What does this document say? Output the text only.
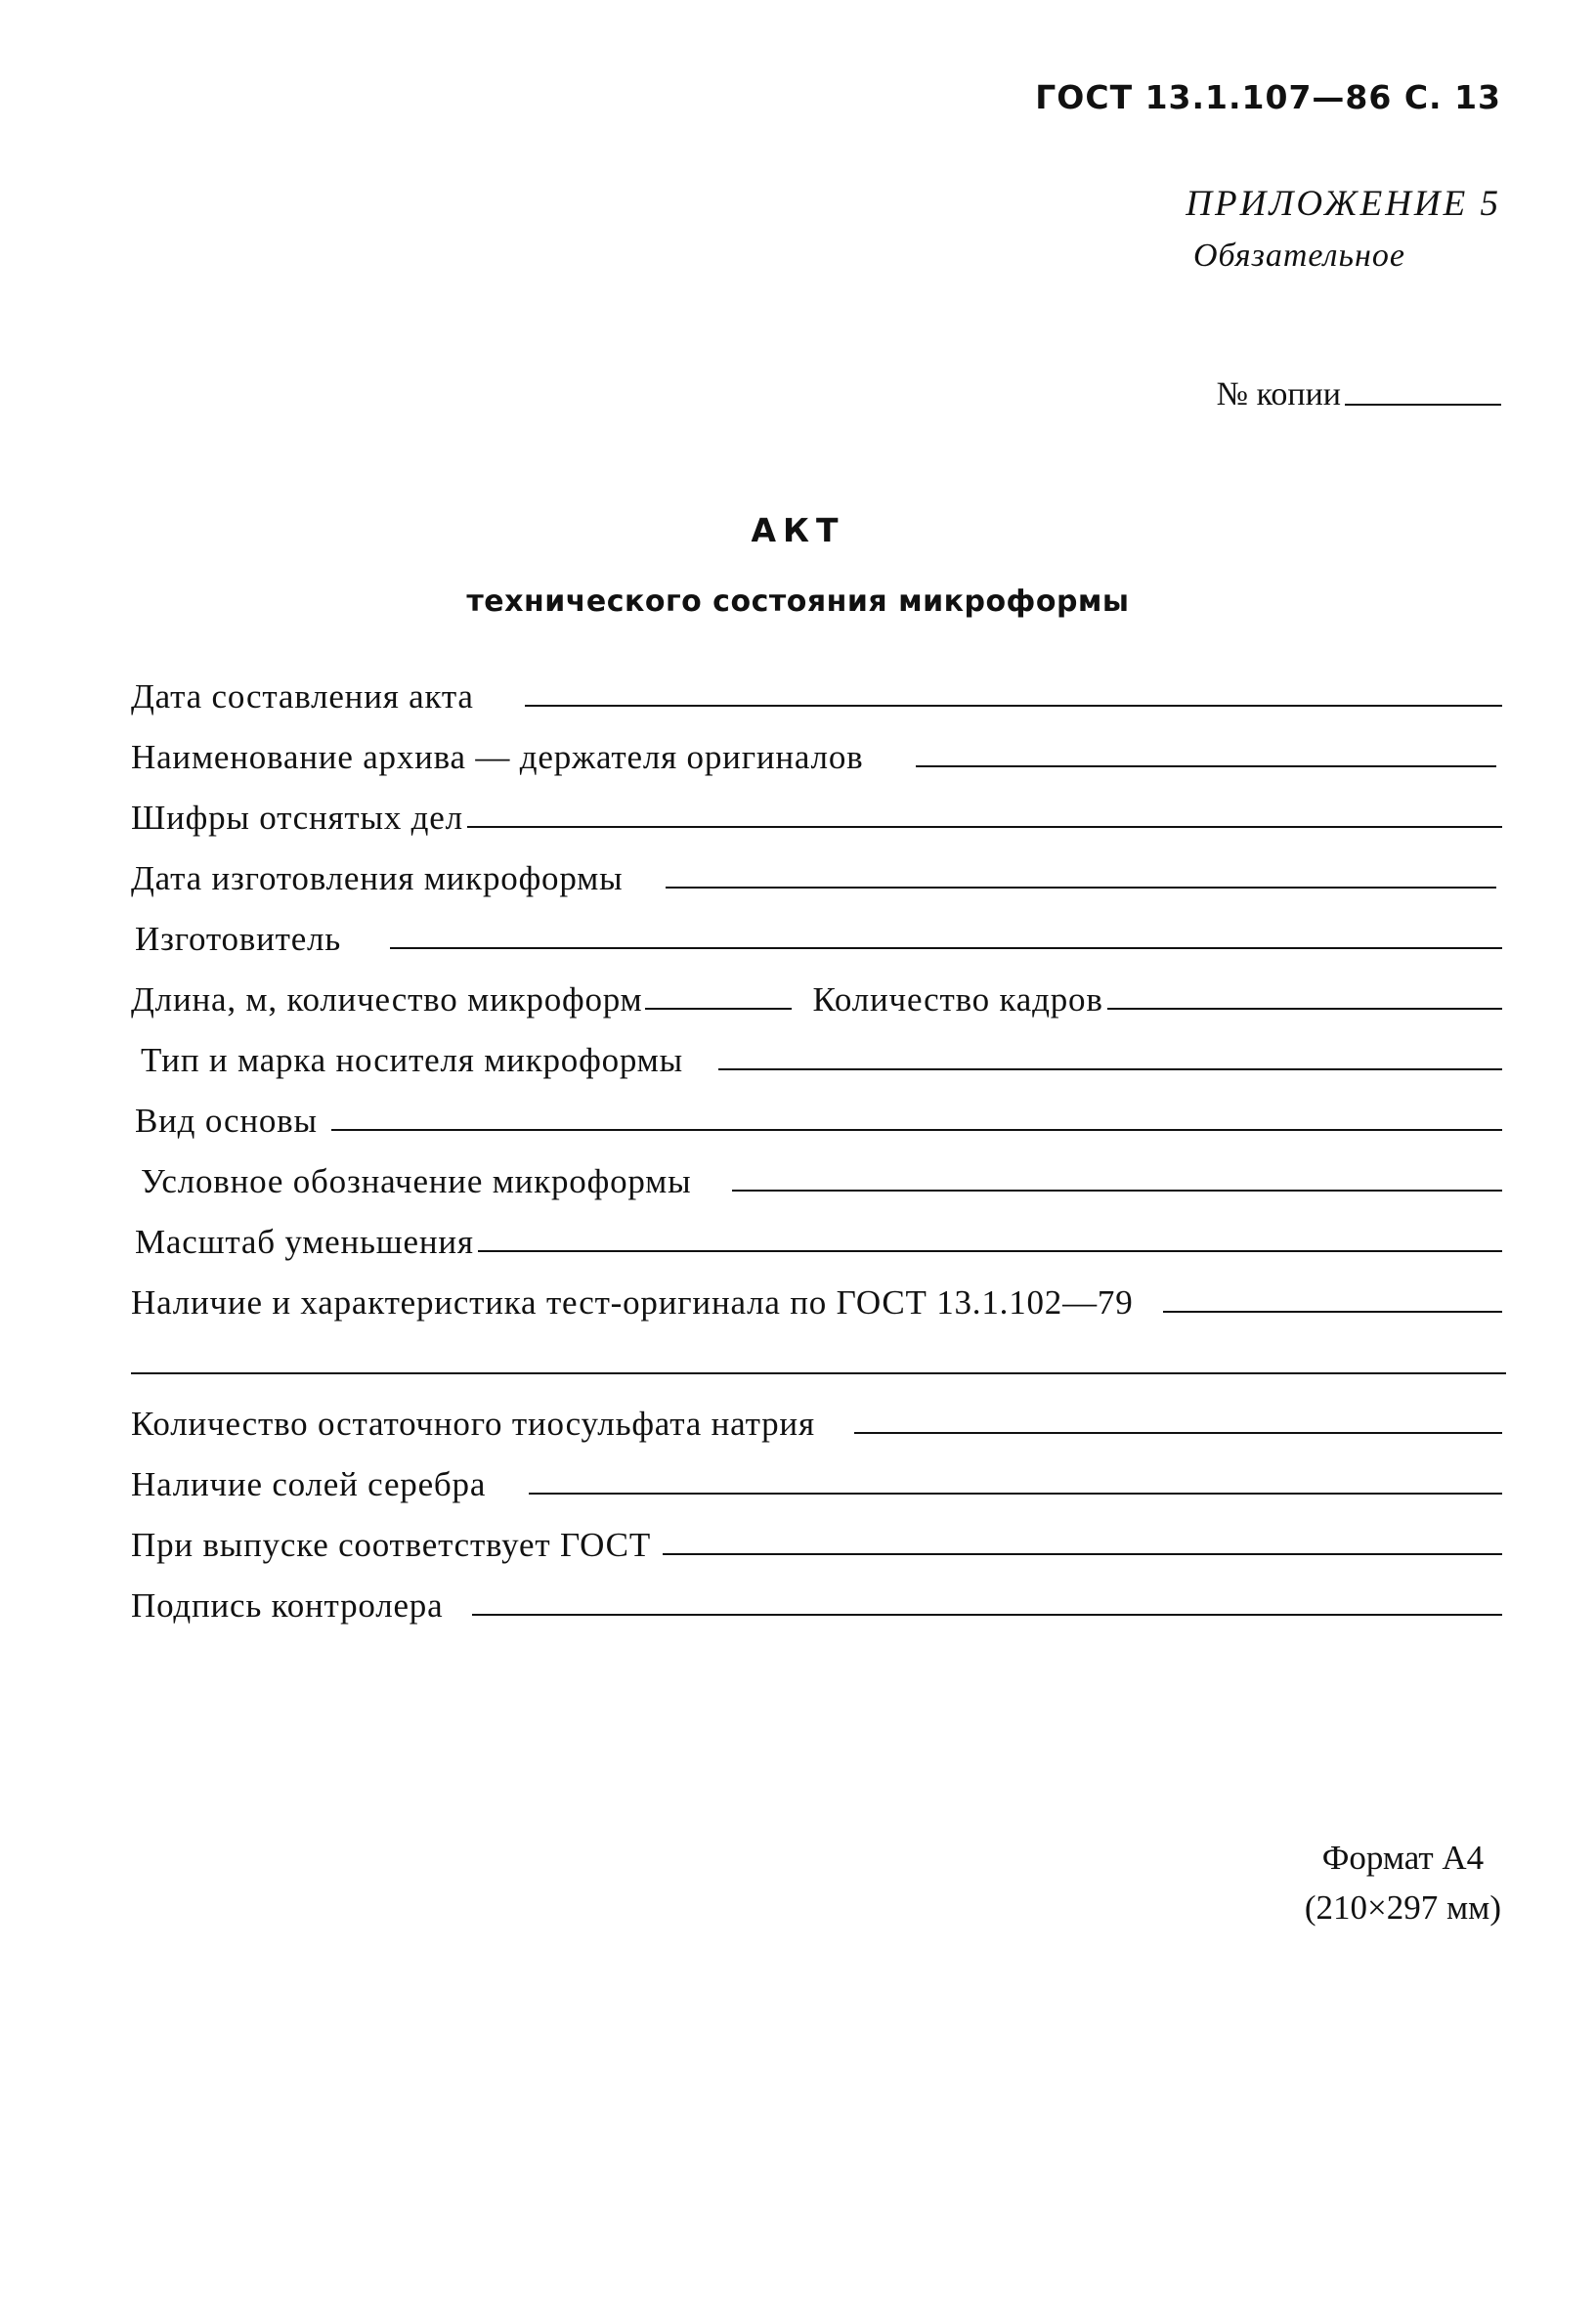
ГОСТ 13.1.107—86 С. 13
ПРИЛОЖЕНИЕ 5
Обязательное
№ копии
АКТ
технического состояния микроформы
Дата составления акта
Наименование архива — держателя оригиналов
Шифры отснятых дел
Дата изготовления микроформы
Изготовитель
Длина, м, количество микроформ	Количество кадров
Тип и марка носителя микроформы
Вид основы
Условное обозначение микроформы
Масштаб уменьшения
Наличие и характеристика тест-оригинала по ГОСТ 13.1.102—79
Количество остаточного тиосульфата натрия
Наличие солей серебра
При выпуске соответствует ГОСТ
Подпись контролера
Формат А4
(210×297 мм)
